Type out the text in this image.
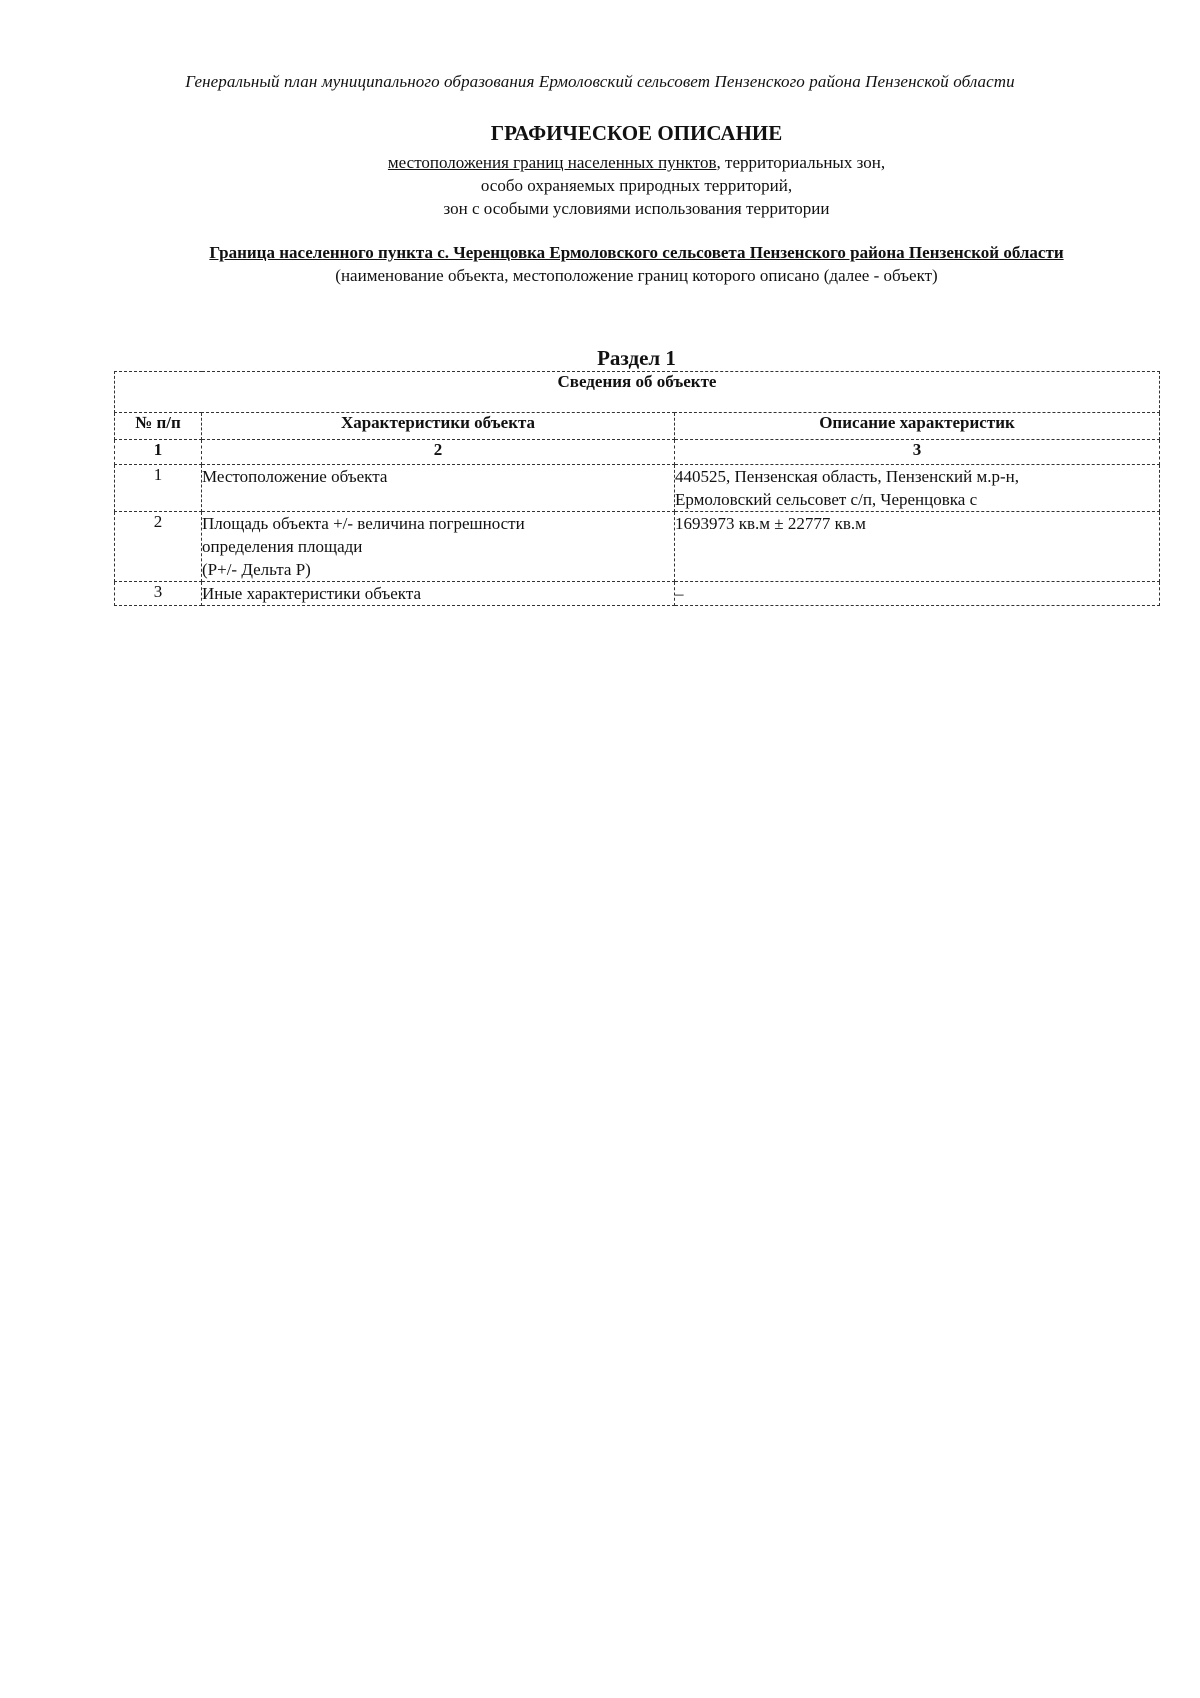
Генеральный план муниципального образования Ермоловский сельсовет Пензенского района Пензенской области
ГРАФИЧЕСКОЕ ОПИСАНИЕ
местоположения границ населенных пунктов, территориальных зон,
особо охраняемых природных территорий,
зон с особыми условиями использования территории
Граница населенного пункта с. Черенцовка Ермоловского сельсовета Пензенского района Пензенской области
(наименование объекта, местоположение границ которого описано (далее - объект)
Раздел 1
Сведения об объекте		
№ п/п	Характеристики объекта	Описание характеристик
1	2	3
1	Местоположение объекта	440525, Пензенская область, Пензенский м.р-н,
Ермоловский сельсовет с/п, Черенцовка с

2	Площадь объекта +/- величина погрешности
определения площади
(P+/- Дельта P)	1693973 кв.м ± 22777 кв.м

3	Иные характеристики объекта	–
